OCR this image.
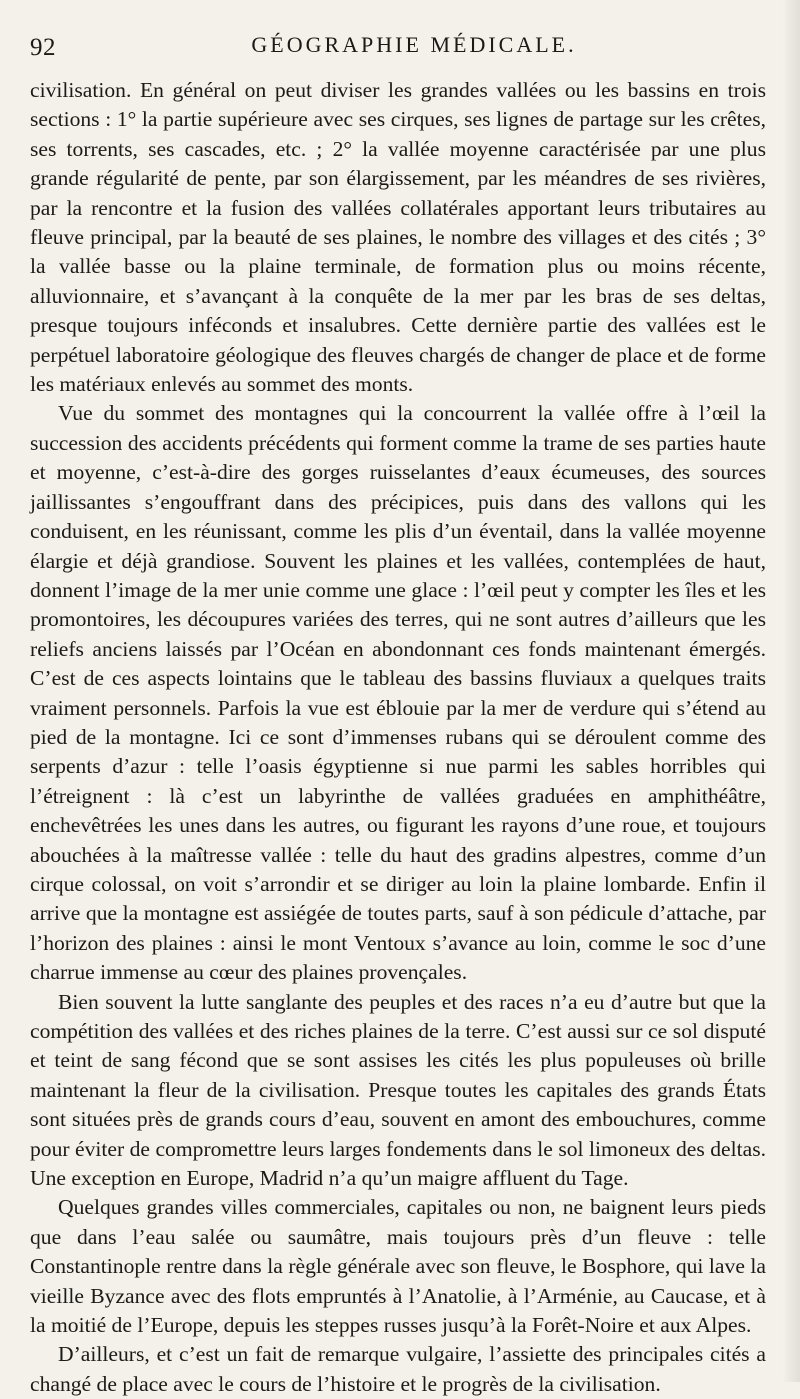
92	GÉOGRAPHIE MÉDICALE.

civilisation. En général on peut diviser les grandes vallées ou les bassins en trois sections : 1° la partie supérieure avec ses cirques, ses lignes de partage sur les crêtes, ses torrents, ses cascades, etc. ; 2° la vallée moyenne caractérisée par une plus grande régularité de pente, par son élargissement, par les méandres de ses rivières, par la rencontre et la fusion des vallées collatérales apportant leurs tributaires au fleuve principal, par la beauté de ses plaines, le nombre des villages et des cités ; 3° la vallée basse ou la plaine terminale, de formation plus ou moins récente, alluvionnaire, et s’avançant à la conquête de la mer par les bras de ses deltas, presque toujours inféconds et insalubres. Cette dernière partie des vallées est le perpétuel laboratoire géologique des fleuves chargés de changer de place et de forme les matériaux enlevés au sommet des monts.

Vue du sommet des montagnes qui la concourrent la vallée offre à l’œil la succession des accidents précédents qui forment comme la trame de ses parties haute et moyenne, c’est-à-dire des gorges ruisselantes d’eaux écumeuses, des sources jaillissantes s’engouffrant dans des précipices, puis dans des vallons qui les conduisent, en les réunissant, comme les plis d’un éventail, dans la vallée moyenne élargie et déjà grandiose. Souvent les plaines et les vallées, contemplées de haut, donnent l’image de la mer unie comme une glace : l’œil peut y compter les îles et les promontoires, les découpures variées des terres, qui ne sont autres d’ailleurs que les reliefs anciens laissés par l’Océan en abondonnant ces fonds maintenant émergés. C’est de ces aspects lointains que le tableau des bassins fluviaux a quelques traits vraiment personnels. Parfois la vue est éblouie par la mer de verdure qui s’étend au pied de la montagne. Ici ce sont d’immenses rubans qui se déroulent comme des serpents d’azur : telle l’oasis égyptienne si nue parmi les sables horribles qui l’étreignent : là c’est un labyrinthe de vallées graduées en amphithéâtre, enchevêtrées les unes dans les autres, ou figurant les rayons d’une roue, et toujours abouchées à la maîtresse vallée : telle du haut des gradins alpestres, comme d’un cirque colossal, on voit s’arrondir et se diriger au loin la plaine lombarde. Enfin il arrive que la montagne est assiégée de toutes parts, sauf à son pédicule d’attache, par l’horizon des plaines : ainsi le mont Ventoux s’avance au loin, comme le soc d’une charrue immense au cœur des plaines provençales.

Bien souvent la lutte sanglante des peuples et des races n’a eu d’autre but que la compétition des vallées et des riches plaines de la terre. C’est aussi sur ce sol disputé et teint de sang fécond que se sont assises les cités les plus populeuses où brille maintenant la fleur de la civilisation. Presque toutes les capitales des grands États sont situées près de grands cours d’eau, souvent en amont des embouchures, comme pour éviter de compromettre leurs larges fondements dans le sol limoneux des deltas. Une exception en Europe, Madrid n’a qu’un maigre affluent du Tage.

Quelques grandes villes commerciales, capitales ou non, ne baignent leurs pieds que dans l’eau salée ou saumâtre, mais toujours près d’un fleuve : telle Constantinople rentre dans la règle générale avec son fleuve, le Bosphore, qui lave la vieille Byzance avec des flots empruntés à l’Anatolie, à l’Arménie, au Caucase, et à la moitié de l’Europe, depuis les steppes russes jusqu’à la Forêt-Noire et aux Alpes.

D’ailleurs, et c’est un fait de remarque vulgaire, l’assiette des principales cités a changé de place avec le cours de l’histoire et le progrès de la civilisation.
